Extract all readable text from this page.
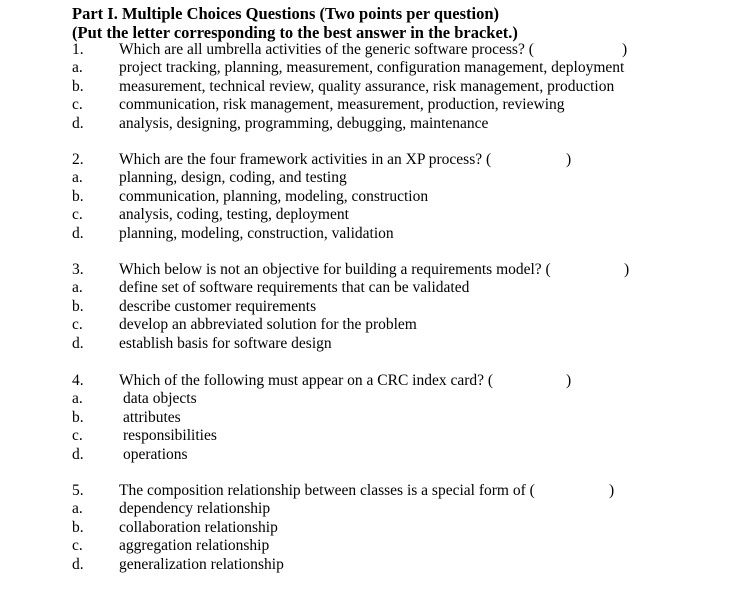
Part I. Multiple Choices Questions (Two points per question)
(Put the letter corresponding to the best answer in the bracket.)
1. Which are all umbrella activities of the generic software process? (	)
a. project tracking, planning, measurement, configuration management, deployment
b. measurement, technical review, quality assurance, risk management, production
c. communication, risk management, measurement, production, reviewing
d. analysis, designing, programming, debugging, maintenance
2. Which are the four framework activities in an XP process? (	)
a. planning, design, coding, and testing
b. communication, planning, modeling, construction
c. analysis, coding, testing, deployment
d. planning, modeling, construction, validation
3. Which below is not an objective for building a requirements model? (	)
a. define set of software requirements that can be validated
b. describe customer requirements
c. develop an abbreviated solution for the problem
d. establish basis for software design
4. Which of the following must appear on a CRC index card? (	)
a.	data objects
b.	attributes
c.	responsibilities
d.	operations
5. The composition relationship between classes is a special form of (	)
a. dependency relationship
b. collaboration relationship
c. aggregation relationship
d. generalization relationship
